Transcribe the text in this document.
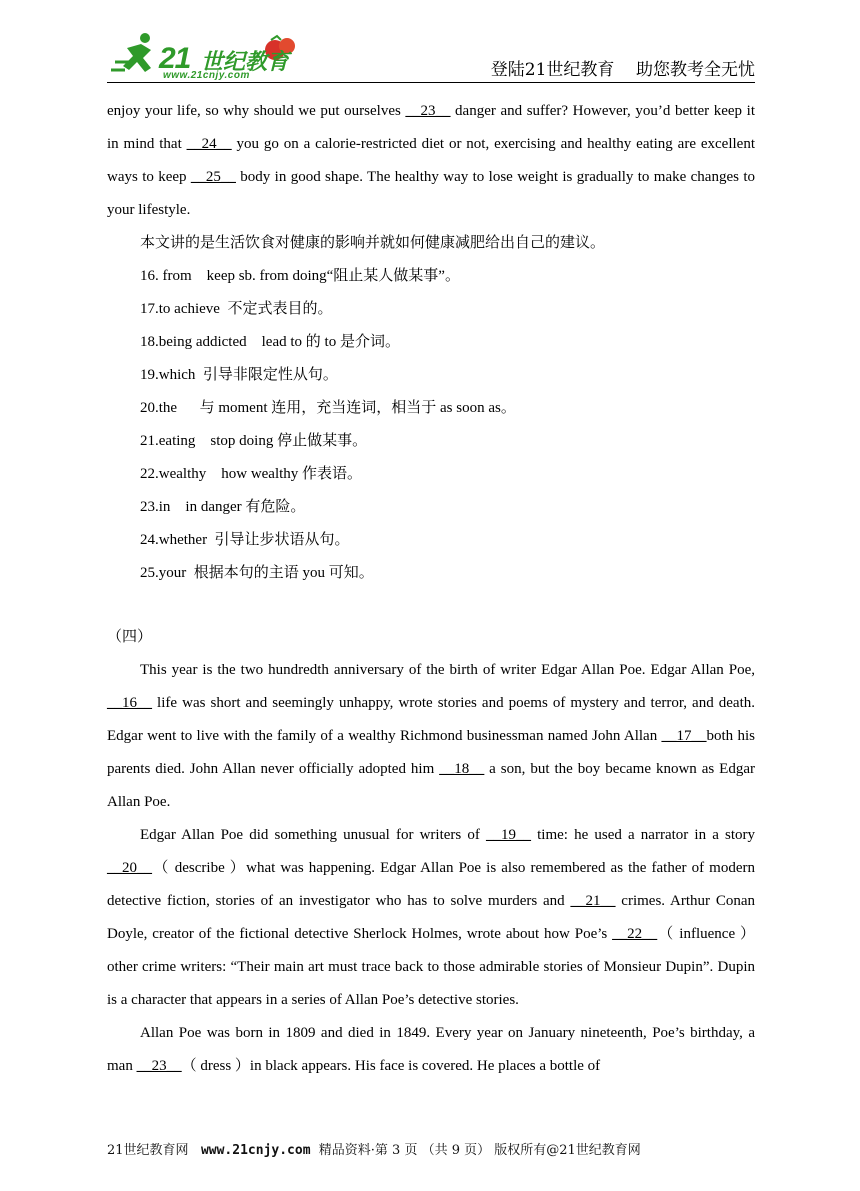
21 世纪教育
www.21cnjy.com	登陆21世纪教育    助您教考全无忧

enjoy your life, so why should we put ourselves __23__ danger and suffer? However, you’d better keep it in mind that __24__ you go on a calorie-restricted diet or not, exercising and healthy eating are excellent ways to keep __25__ body in good shape. The healthy way to lose weight is gradually to make changes to your lifestyle.

本文讲的是生活饮食对健康的影响并就如何健康减肥给出自己的建议。

16. from    keep sb. from doing“阻止某人做某事”。

17.to achieve  不定式表目的。

18.being addicted    lead to 的 to 是介词。

19.which  引导非限定性从句。

20.the      与 moment 连用，充当连词，相当于 as soon as。

21.eating    stop doing 停止做某事。

22.wealthy    how wealthy 作表语。

23.in    in danger 有危险。

24.whether  引导让步状语从句。

25.your  根据本句的主语 you 可知。

（四）

This year is the two hundredth anniversary of the birth of writer Edgar Allan Poe. Edgar Allan Poe, __16__ life was short and seemingly unhappy, wrote stories and poems of mystery and terror, and death. Edgar went to live with the family of a wealthy Richmond businessman named John Allan __17__both his parents died. John Allan never officially adopted him __18__ a son, but the boy became known as Edgar Allan Poe.

Edgar Allan Poe did something unusual for writers of __19__ time: he used a narrator in a story __20__（ describe ）what was happening. Edgar Allan Poe is also remembered as the father of modern detective fiction, stories of an investigator who has to solve murders and __21__ crimes. Arthur Conan Doyle, creator of the fictional detective Sherlock Holmes, wrote about how Poe’s __22__（ influence ）other crime writers: “Their main art must trace back to those admirable stories of Monsieur Dupin”. Dupin is a character that appears in a series of Allan Poe’s detective stories.

Allan Poe was born in 1809 and died in 1849. Every year on January nineteenth, Poe’s birthday, a man __23__（ dress ）in black appears. His face is covered. He places a bottle of

21世纪教育网   www.21cnjy.com  精品资料·第 3 页 （共 9 页） 版权所有@21世纪教育网
